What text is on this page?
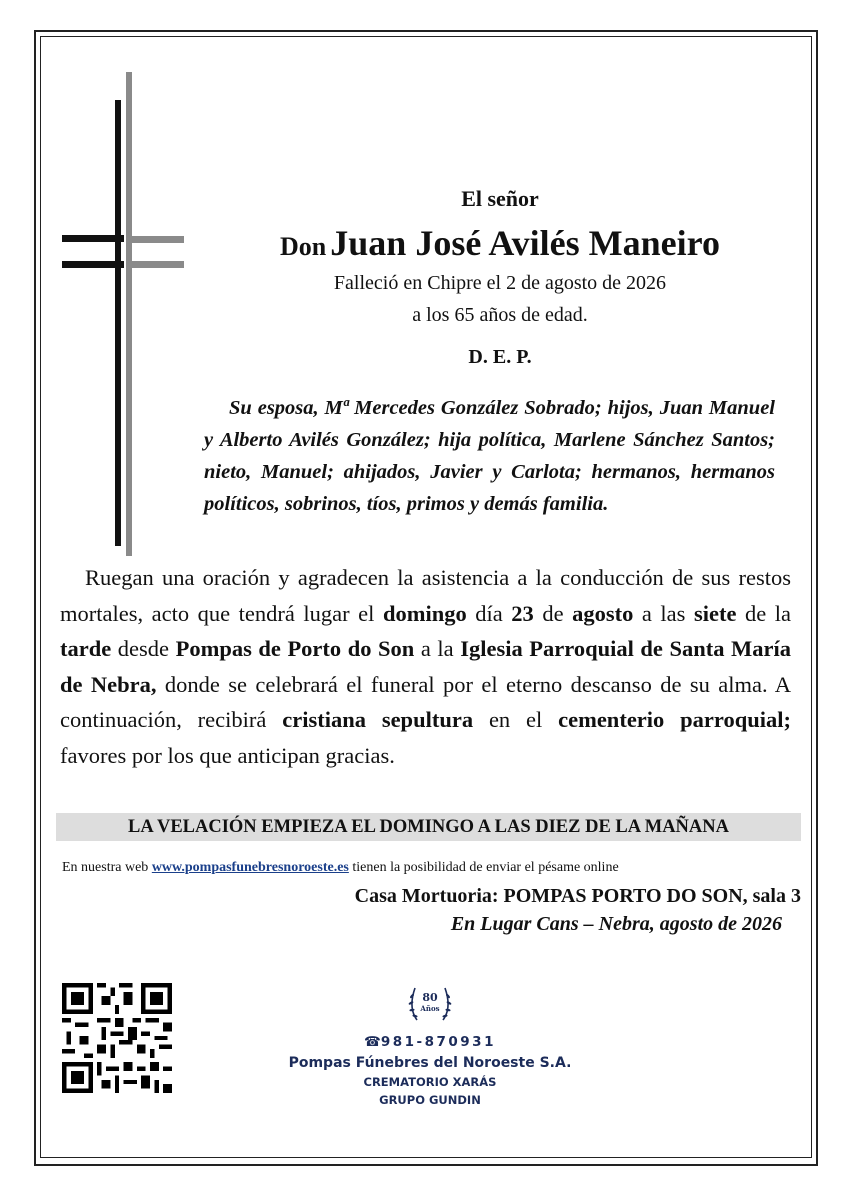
El señor
Don Juan José Avilés Maneiro
Falleció en Chipre el 2 de agosto de 2026
a los 65 años de edad.
D. E. P.
Su esposa, Mª Mercedes González Sobrado; hijos, Juan Manuel y Alberto Avilés González; hija política, Marlene Sánchez Santos; nieto, Manuel; ahijados, Javier y Carlota; hermanos, hermanos políticos, sobrinos, tíos, primos y demás familia.
Ruegan una oración y agradecen la asistencia a la conducción de sus restos mortales, acto que tendrá lugar el domingo día 23 de agosto a las siete de la tarde desde Pompas de Porto do Son a la Iglesia Parroquial de Santa María de Nebra, donde se celebrará el funeral por el eterno descanso de su alma. A continuación, recibirá cristiana sepultura en el cementerio parroquial; favores por los que anticipan gracias.
LA VELACIÓN EMPIEZA EL DOMINGO A LAS DIEZ DE LA MAÑANA
En nuestra web www.pompasfunebresnoroeste.es tienen la posibilidad de enviar el pésame online
Casa Mortuoria: POMPAS PORTO DO SON, sala 3
En Lugar Cans – Nebra, agosto de 2026
80
Años
☎981-870931
Pompas Fúnebres del Noroeste S.A.
CREMATORIO XARÁS
GRUPO GUNDIN
